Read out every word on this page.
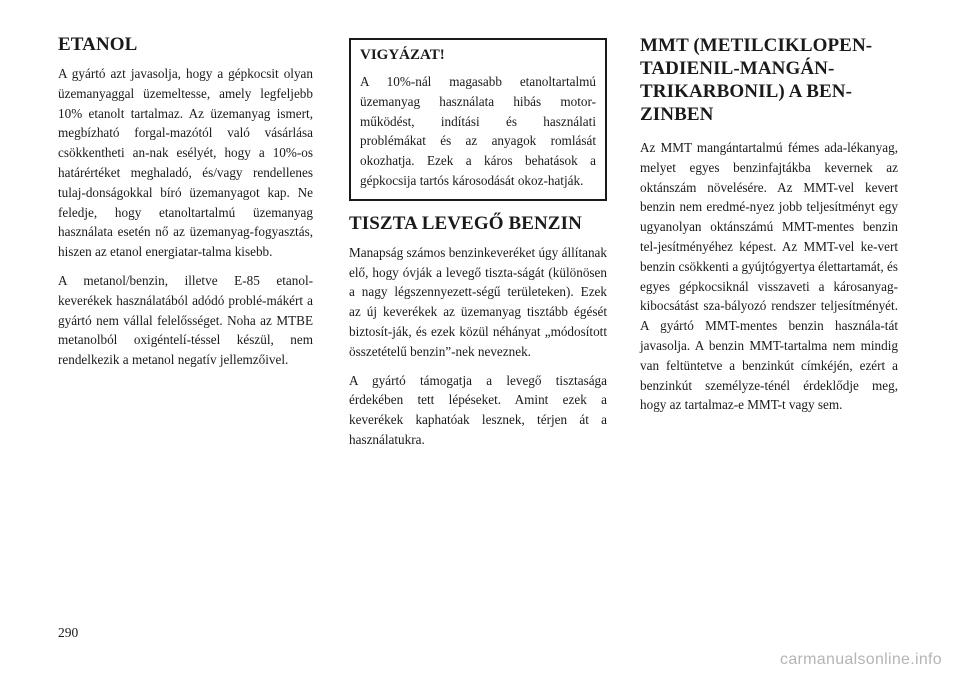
ETANOL

A gyártó azt javasolja, hogy a gépkocsit olyan üzemanyaggal üzemeltesse, amely legfeljebb 10% etanolt tartalmaz. Az üzemanyag ismert, megbízható forgal-mazótól való vásárlása csökkentheti an-nak esélyét, hogy a 10%-os határértéket meghaladó, és/vagy rendellenes tulaj-donságokkal bíró üzemanyagot kap. Ne feledje, hogy etanoltartalmú üzemanyag használata esetén nő az üzemanyag-fogyasztás, hiszen az etanol energiatar-talma kisebb.

A metanol/benzin, illetve E-85 etanol-keverékek használatából adódó problé-mákért a gyártó nem vállal felelősséget. Noha az MTBE metanolból oxigéntelí-téssel készül, nem rendelkezik a metanol negatív jellemzőivel.

VIGYÁZAT!

A 10%-nál magasabb etanoltartalmú üzemanyag használata hibás motor-működést, indítási és használati problémákat és az anyagok romlását okozhatja. Ezek a káros behatások a gépkocsija tartós károsodását okoz-hatják.

TISZTA LEVEGŐ BENZIN

Manapság számos benzinkeveréket úgy állítanak elő, hogy óvják a levegő tiszta-ságát (különösen a nagy légszennyezett-ségű területeken). Ezek az új keverékek az üzemanyag tisztább égését biztosít-ják, és ezek közül néhányat „módosított összetételű benzin”-nek neveznek.

A gyártó támogatja a levegő tisztasága érdekében tett lépéseket. Amint ezek a keverékek kaphatóak lesznek, térjen át a használatukra.

MMT (METILCIKLOPEN-TADIENIL-MANGÁN-TRIKARBONIL) A BEN-ZINBEN

Az MMT mangántartalmú fémes ada-lékanyag, melyet egyes benzinfajtákba kevernek az oktánszám növelésére. Az MMT-vel kevert benzin nem eredmé-nyez jobb teljesítményt egy ugyanolyan oktánszámú MMT-mentes benzin tel-jesítményéhez képest. Az MMT-vel ke-vert benzin csökkenti a gyújtógyertya élettartamát, és egyes gépkocsiknál visszaveti a károsanyag-kibocsátást sza-bályozó rendszer teljesítményét. A gyártó MMT-mentes benzin használa-tát javasolja. A benzin MMT-tartalma nem mindig van feltüntetve a benzinkút címkéjén, ezért a benzinkút személyze-ténél érdeklődje meg, hogy az tartalmaz-e MMT-t vagy sem.

290
carmanualsonline.info
